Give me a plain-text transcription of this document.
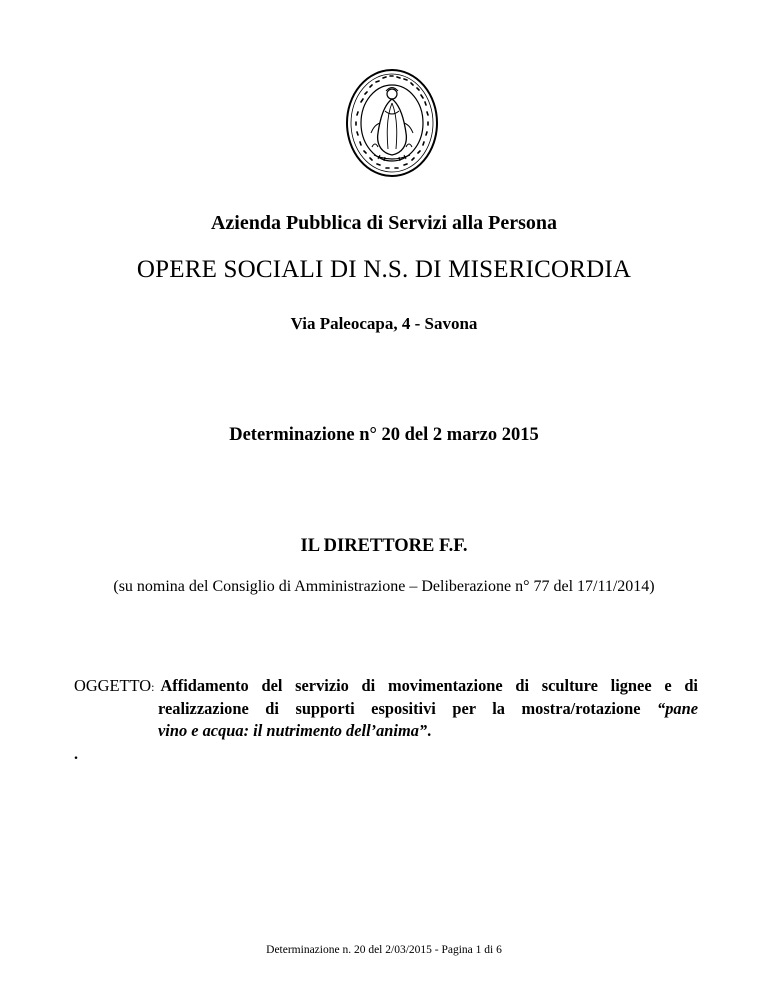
Azienda Pubblica di Servizi alla Persona
OPERE SOCIALI DI N.S. DI MISERICORDIA
Via Paleocapa, 4 - Savona
Determinazione n° 20 del 2 marzo 2015
IL DIRETTORE F.F.
(su nomina del Consiglio di Amministrazione – Deliberazione n° 77 del 17/11/2014)
OGGETTO : Affidamento del servizio di movimentazione di sculture lignee e di
realizzazione di supporti espositivi per la mostra/rotazione “pane
vino e acqua: il nutrimento dell’anima”.
.
Determinazione n. 20 del 2/03/2015 - Pagina 1 di 6
